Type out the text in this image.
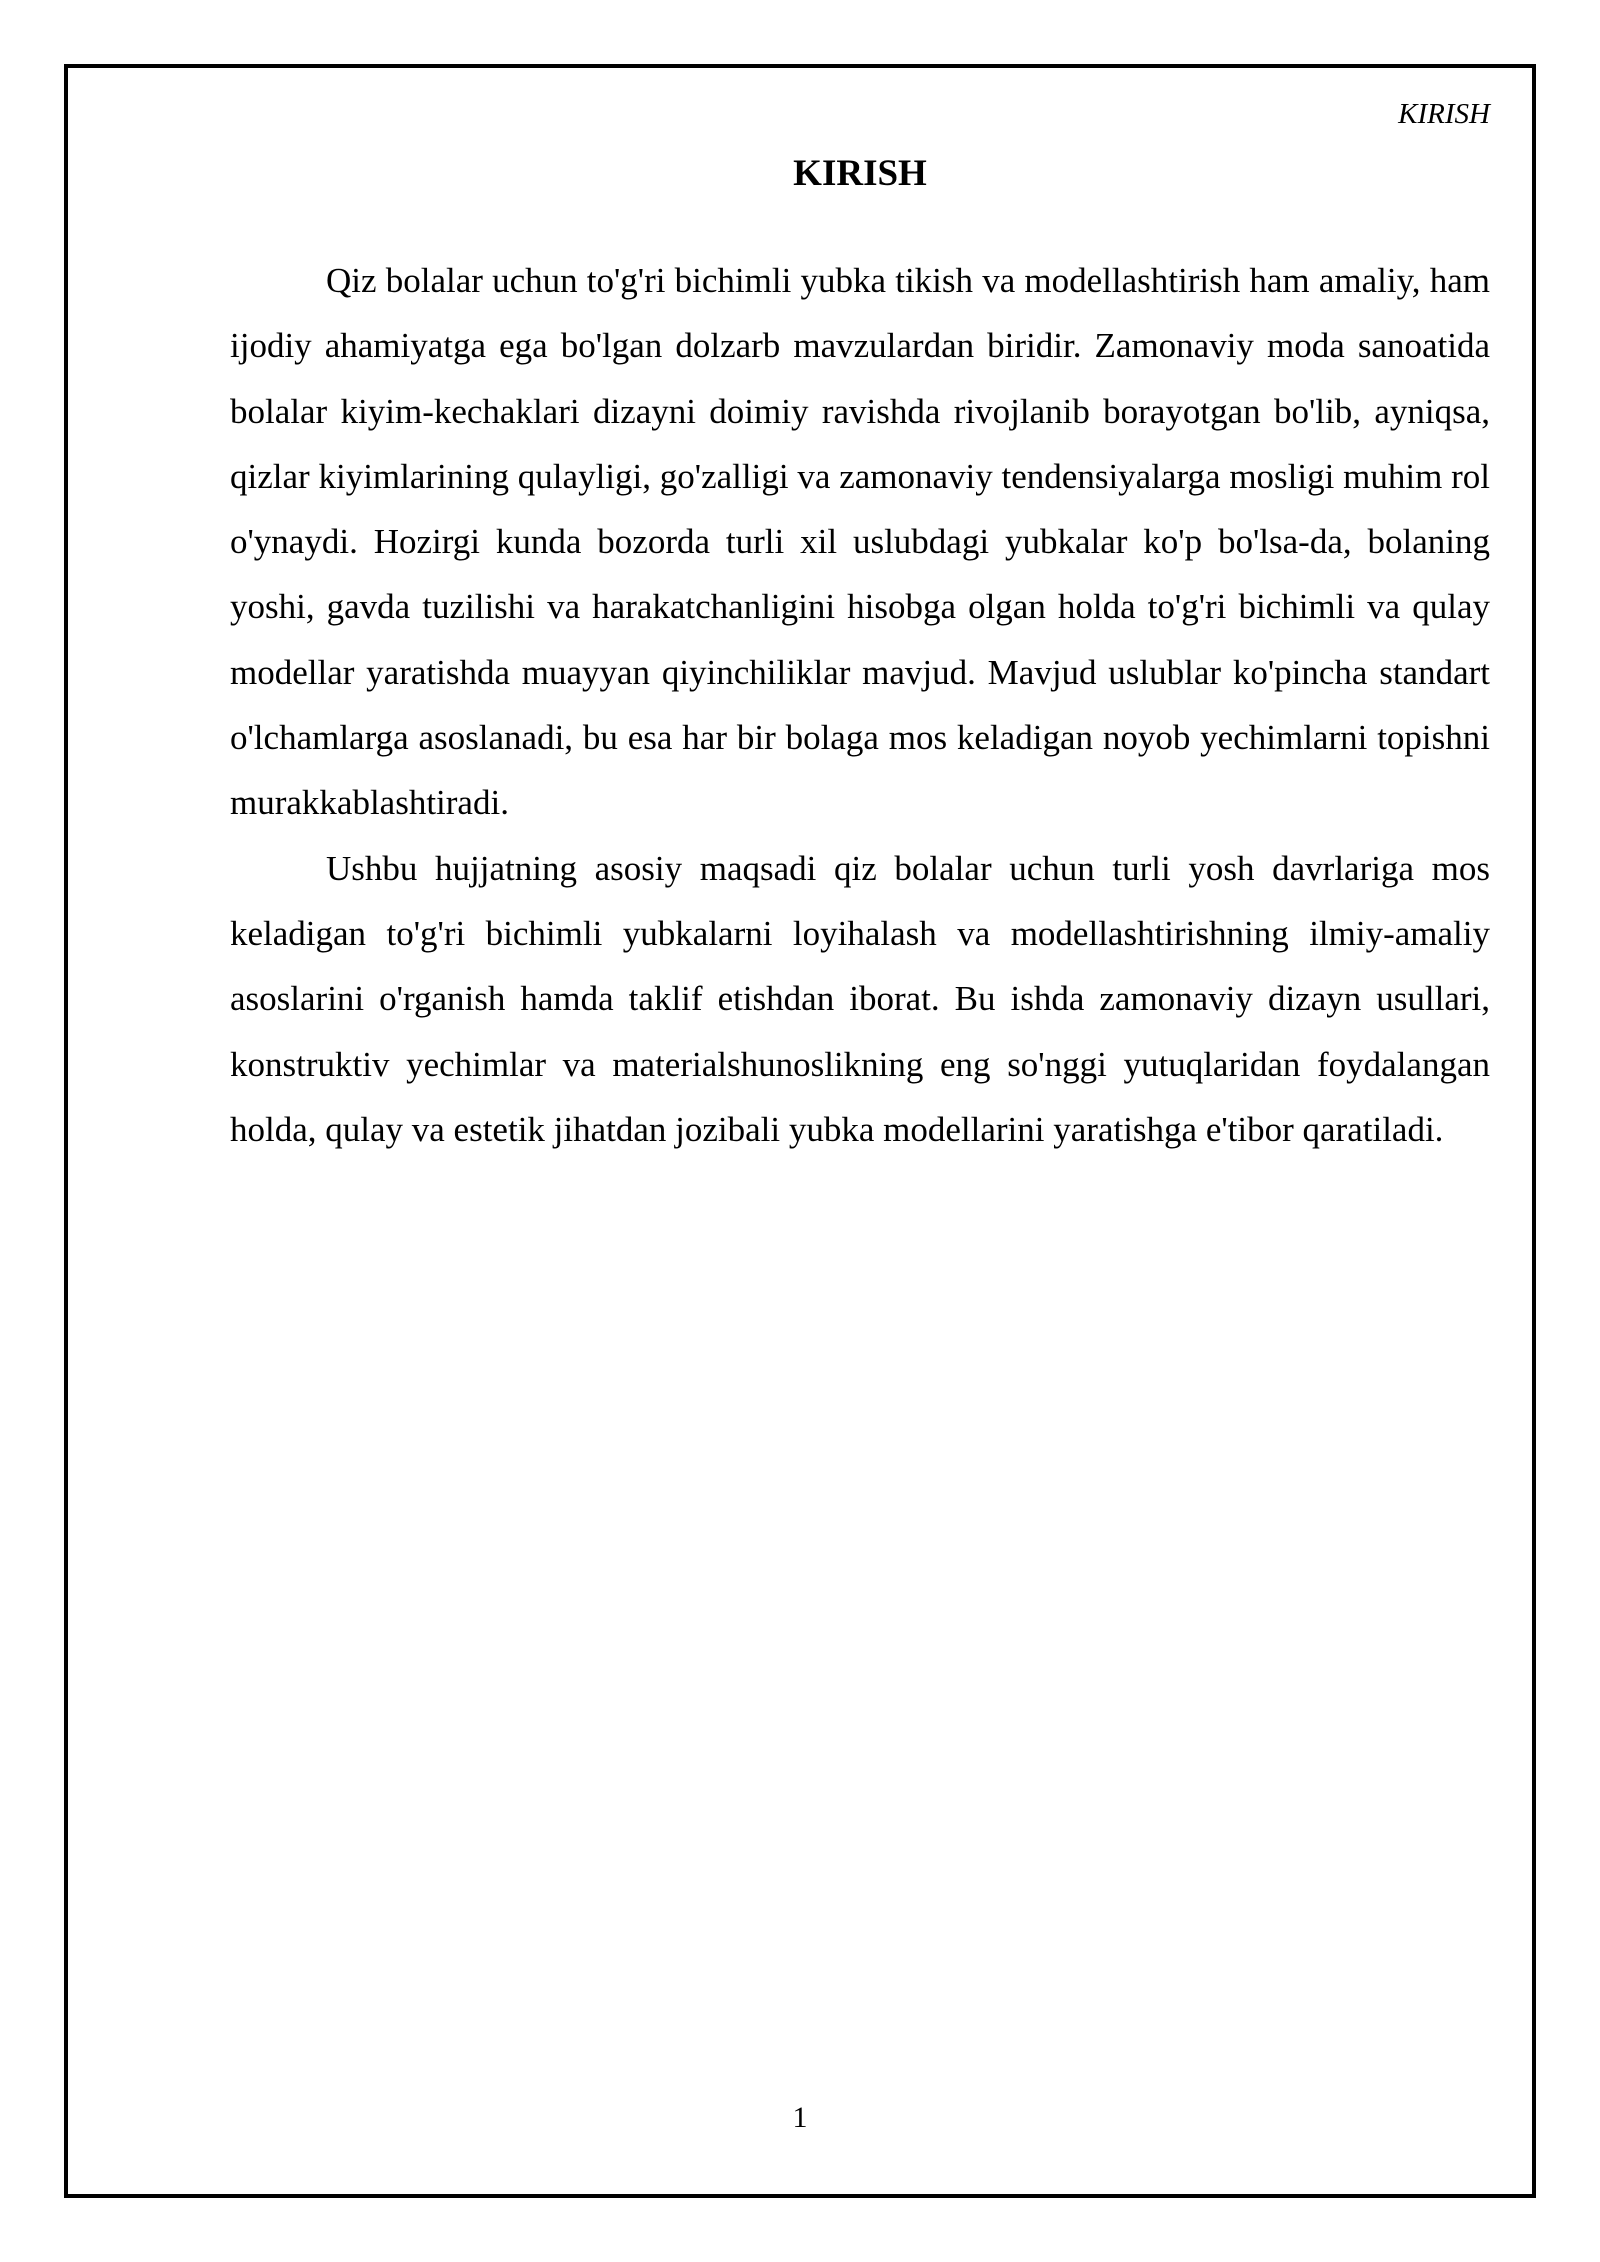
KIRISH
KIRISH

Qiz bolalar uchun to'g'ri bichimli yubka tikish va modellashtirish ham amaliy, ham ijodiy ahamiyatga ega bo'lgan dolzarb mavzulardan biridir. Zamonaviy moda sanoatida bolalar kiyim-kechaklari dizayni doimiy ravishda rivojlanib borayotgan bo'lib, ayniqsa, qizlar kiyimlarining qulayligi, go'zalligi va zamonaviy tendensiyalarga mosligi muhim rol o'ynaydi. Hozirgi kunda bozorda turli xil uslubdagi yubkalar ko'p bo'lsa-da, bolaning yoshi, gavda tuzilishi va harakatchanligini hisobga olgan holda to'g'ri bichimli va qulay modellar yaratishda muayyan qiyinchiliklar mavjud. Mavjud uslublar ko'pincha standart o'lchamlarga asoslanadi, bu esa har bir bolaga mos keladigan noyob yechimlarni topishni murakkablashtiradi.

Ushbu hujjatning asosiy maqsadi qiz bolalar uchun turli yosh davrlariga mos keladigan to'g'ri bichimli yubkalarni loyihalash va modellashtirishning ilmiy-amaliy asoslarini o'rganish hamda taklif etishdan iborat. Bu ishda zamonaviy dizayn usullari, konstruktiv yechimlar va materialshunoslikning eng so'nggi yutuqlaridan foydalangan holda, qulay va estetik jihatdan jozibali yubka modellarini yaratishga e'tibor qaratiladi.

1
